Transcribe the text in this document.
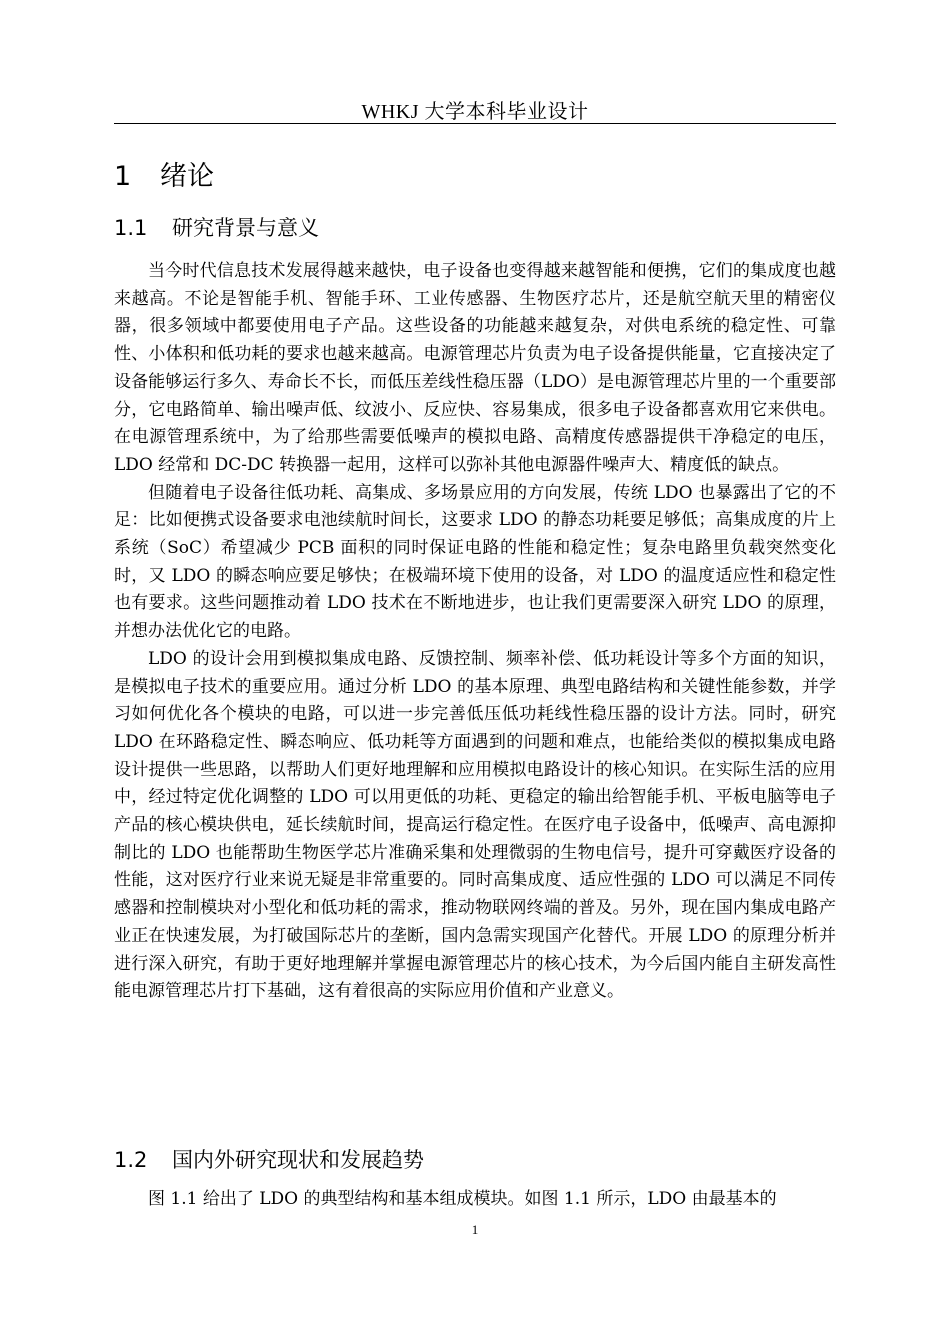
WHKJ 大学本科毕业设计
1 绪论
1.1 研究背景与意义

当今时代信息技术发展得越来越快，电子设备也变得越来越智能和便携，它们的集成度也越来越高。不论是智能手机、智能手环、工业传感器、生物医疗芯片，还是航空航天里的精密仪器，很多领域中都要使用电子产品。这些设备的功能越来越复杂，对供电系统的稳定性、可靠性、小体积和低功耗的要求也越来越高。电源管理芯片负责为电子设备提供能量，它直接决定了设备能够运行多久、寿命长不长，而低压差线性稳压器（LDO）是电源管理芯片里的一个重要部分，它电路简单、输出噪声低、纹波小、反应快、容易集成，很多电子设备都喜欢用它来供电。在电源管理系统中，为了给那些需要低噪声的模拟电路、高精度传感器提供干净稳定的电压，LDO 经常和 DC-DC 转换器一起用，这样可以弥补其他电源器件噪声大、精度低的缺点。

但随着电子设备往低功耗、高集成、多场景应用的方向发展，传统 LDO 也暴露出了它的不足：比如便携式设备要求电池续航时间长，这要求 LDO 的静态功耗要足够低；高集成度的片上系统（SoC）希望减少 PCB 面积的同时保证电路的性能和稳定性；复杂电路里负载突然变化时，又 LDO 的瞬态响应要足够快；在极端环境下使用的设备，对 LDO 的温度适应性和稳定性也有要求。这些问题推动着 LDO 技术在不断地进步，也让我们更需要深入研究 LDO 的原理，并想办法优化它的电路。

LDO 的设计会用到模拟集成电路、反馈控制、频率补偿、低功耗设计等多个方面的知识，是模拟电子技术的重要应用。通过分析 LDO 的基本原理、典型电路结构和关键性能参数，并学习如何优化各个模块的电路，可以进一步完善低压低功耗线性稳压器的设计方法。同时，研究 LDO 在环路稳定性、瞬态响应、低功耗等方面遇到的问题和难点，也能给类似的模拟集成电路设计提供一些思路，以帮助人们更好地理解和应用模拟电路设计的核心知识。在实际生活的应用中，经过特定优化调整的 LDO 可以用更低的功耗、更稳定的输出给智能手机、平板电脑等电子产品的核心模块供电，延长续航时间，提高运行稳定性。在医疗电子设备中，低噪声、高电源抑制比的 LDO 也能帮助生物医学芯片准确采集和处理微弱的生物电信号，提升可穿戴医疗设备的性能，这对医疗行业来说无疑是非常重要的。同时高集成度、适应性强的 LDO 可以满足不同传感器和控制模块对小型化和低功耗的需求，推动物联网终端的普及。另外，现在国内集成电路产业正在快速发展，为打破国际芯片的垄断，国内急需实现国产化替代。开展 LDO 的原理分析并进行深入研究，有助于更好地理解并掌握电源管理芯片的核心技术，为今后国内能自主研发高性能电源管理芯片打下基础，这有着很高的实际应用价值和产业意义。

1.2 国内外研究现状和发展趋势

图 1.1 给出了 LDO 的典型结构和基本组成模块。如图 1.1 所示，LDO 由最基本的

1
